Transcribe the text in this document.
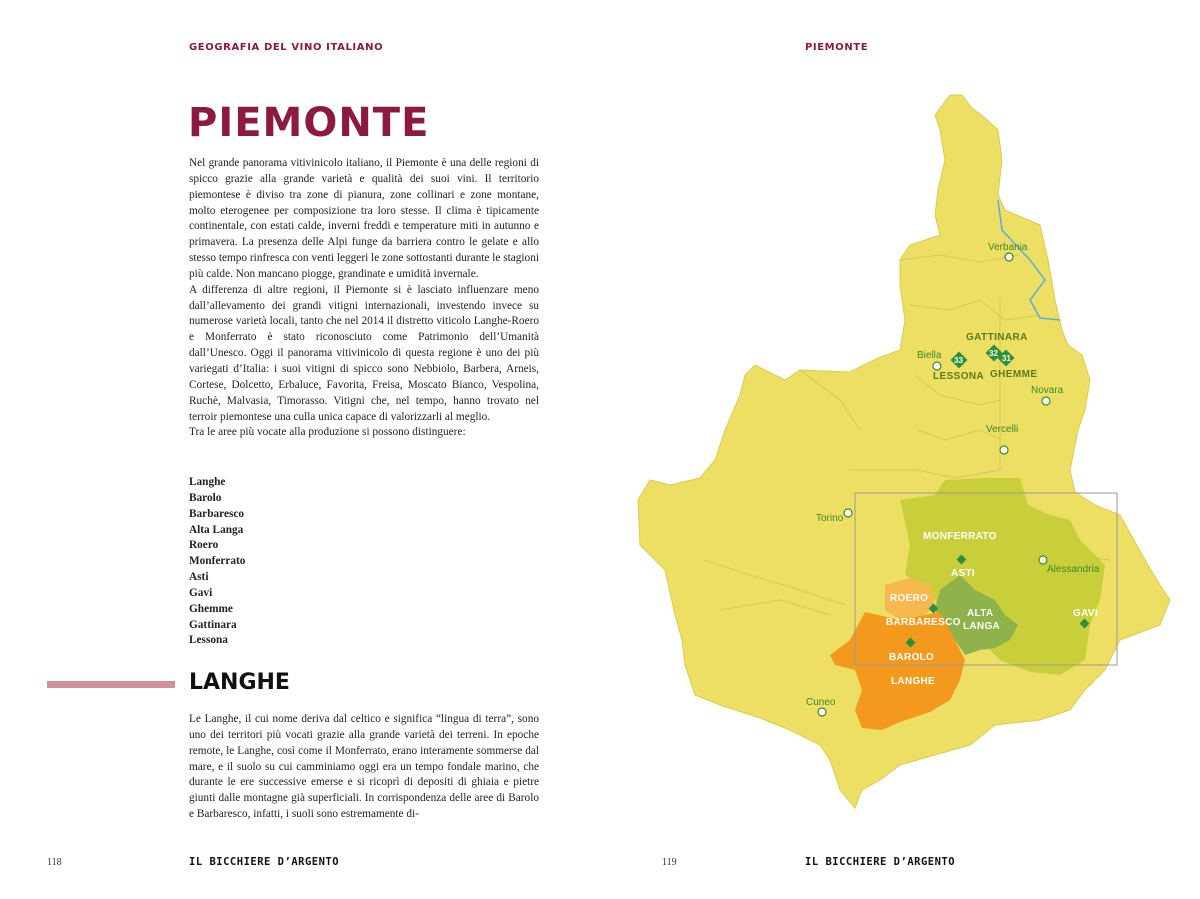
GEOGRAFIA DEL VINO ITALIANO
PIEMONTE

Nel grande panorama vitivinicolo italiano, il Piemonte è una delle regioni di spicco grazie alla grande varietà e qualità dei suoi vini. Il territorio piemontese è diviso tra zone di pianura, zone collinari e zone montane, molto eterogenee per composizione tra loro stesse. Il clima è tipicamente continentale, con estati calde, inverni freddi e temperature miti in autunno e primavera. La presenza delle Alpi funge da barriera contro le gelate e allo stesso tempo rinfresca con venti leggeri le zone sottostanti durante le stagioni più calde. Non mancano piogge, grandinate e umidità invernale.

A differenza di altre regioni, il Piemonte si è lasciato influenzare meno dall’allevamento dei grandi vitigni internazionali, investendo invece su numerose varietà locali, tanto che nel 2014 il distretto viticolo Langhe-Roero e Monferrato è stato riconosciuto come Patrimonio dell’Umanità dall’Unesco. Oggi il panorama vitivinicolo di questa regione è uno dei più variegati d’Italia: i suoi vitigni di spicco sono Nebbiolo, Barbera, Arneis, Cortese, Dolcetto, Erbaluce, Favorita, Freisa, Moscato Bianco, Vespolina, Ruchè, Malvasia, Timorasso. Vitigni che, nel tempo, hanno trovato nel terroir piemontese una culla unica capace di valorizzarli al meglio.

Tra le aree più vocate alla produzione si possono distinguere:

Langhe
Barolo
Barbaresco
Alta Langa
Roero
Monferrato
Asti
Gavi
Ghemme
Gattinara
Lessona
LANGHE

Le Langhe, il cui nome deriva dal celtico e significa “lingua di terra”, sono uno dei territori più vocati grazie alla grande varietà dei terreni. In epoche remote, le Langhe, così come il Monferrato, erano interamente sommerse dal mare, e il suolo su cui camminiamo oggi era un tempo fondale marino, che durante le ere successive emerse e si ricoprì di depositi di ghiaia e pietre giunti dalle montagne già superficiali. In corrispondenza delle aree di Barolo e Barbaresco, infatti, i suoli sono estremamente di-

118	IL BICCHIERE D’ARGENTO
PIEMONTE
Verbania
Biella
Novara
Vercelli
Torino
Alessandria
Cuneo
GATTINARA
LESSONA GHEMME
33
32
31
MONFERRATO
ASTI
ROERO
BARBARESCO
ALTA
LANGA
GAVI
BAROLO
LANGHE
119	IL BICCHIERE D’ARGENTO
